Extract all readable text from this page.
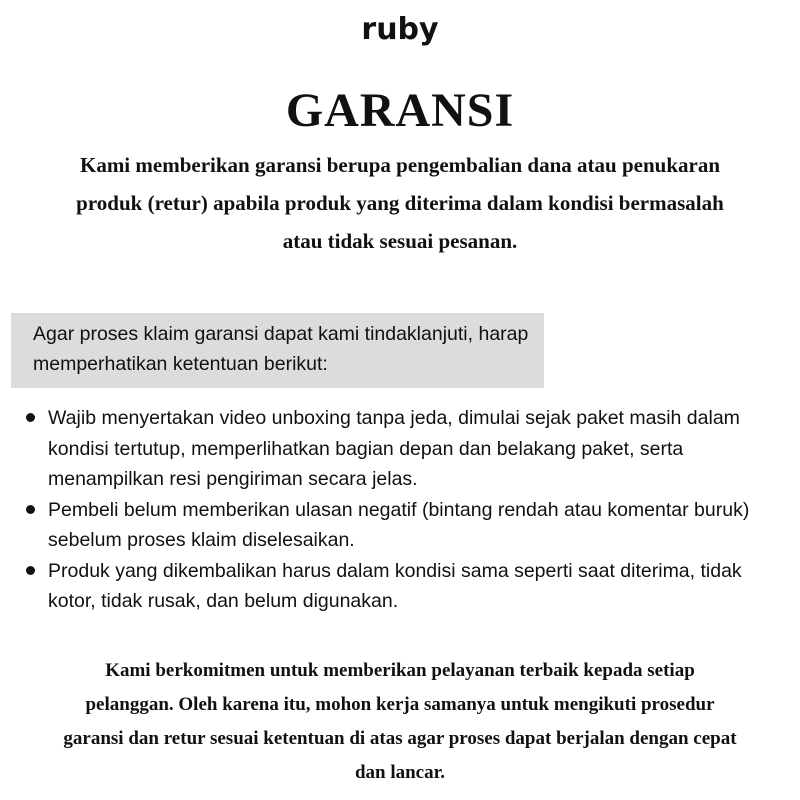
ruby
GARANSI

Kami memberikan garansi berupa pengembalian dana atau penukaran produk (retur) apabila produk yang diterima dalam kondisi bermasalah atau tidak sesuai pesanan.

Agar proses klaim garansi dapat kami tindaklanjuti, harap memperhatikan ketentuan berikut:
Wajib menyertakan video unboxing tanpa jeda, dimulai sejak paket masih dalam kondisi tertutup, memperlihatkan bagian depan dan belakang paket, serta menampilkan resi pengiriman secara jelas.
Pembeli belum memberikan ulasan negatif (bintang rendah atau komentar buruk) sebelum proses klaim diselesaikan.
Produk yang dikembalikan harus dalam kondisi sama seperti saat diterima, tidak kotor, tidak rusak, dan belum digunakan.

Kami berkomitmen untuk memberikan pelayanan terbaik kepada setiap pelanggan. Oleh karena itu, mohon kerja samanya untuk mengikuti prosedur garansi dan retur sesuai ketentuan di atas agar proses dapat berjalan dengan cepat dan lancar.
